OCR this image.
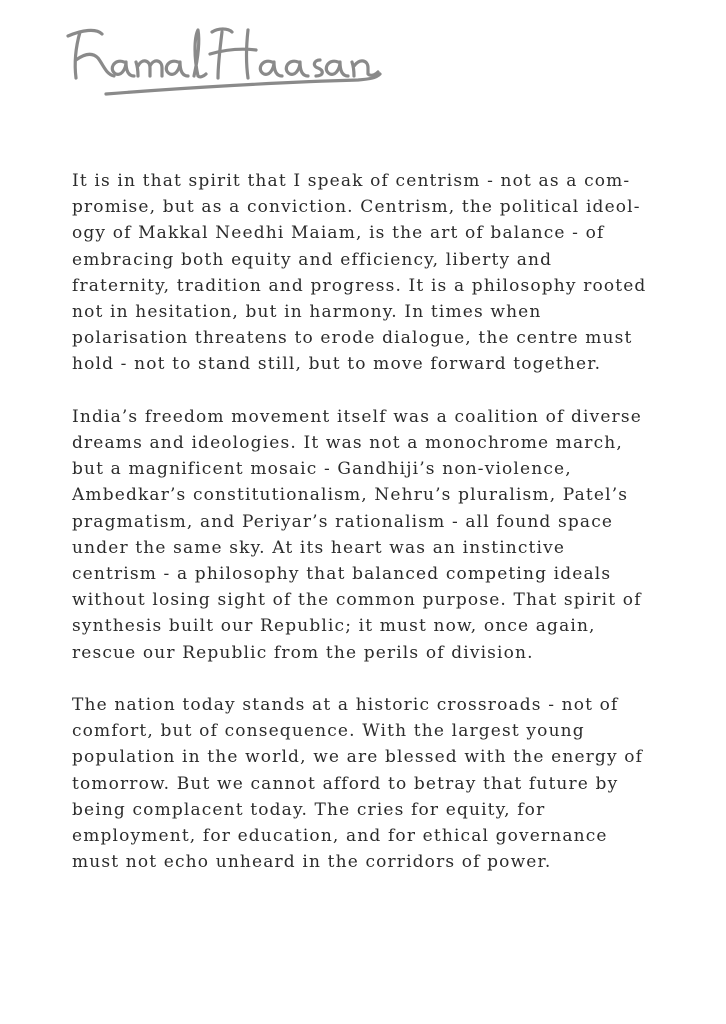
It is in that spirit that I speak of centrism - not as a com-
promise, but as a conviction. Centrism, the political ideol-
ogy of Makkal Needhi Maiam, is the art of balance - of
embracing both equity and efficiency, liberty and
fraternity, tradition and progress. It is a philosophy rooted
not in hesitation, but in harmony. In times when
polarisation threatens to erode dialogue, the centre must
hold - not to stand still, but to move forward together.

India’s freedom movement itself was a coalition of diverse
dreams and ideologies. It was not a monochrome march,
but a magnificent mosaic - Gandhiji’s non-violence,
Ambedkar’s constitutionalism, Nehru’s pluralism, Patel’s
pragmatism, and Periyar’s rationalism - all found space
under the same sky. At its heart was an instinctive
centrism - a philosophy that balanced competing ideals
without losing sight of the common purpose. That spirit of
synthesis built our Republic; it must now, once again,
rescue our Republic from the perils of division.

The nation today stands at a historic crossroads - not of
comfort, but of consequence. With the largest young
population in the world, we are blessed with the energy of
tomorrow. But we cannot afford to betray that future by
being complacent today. The cries for equity, for
employment, for education, and for ethical governance
must not echo unheard in the corridors of power.
